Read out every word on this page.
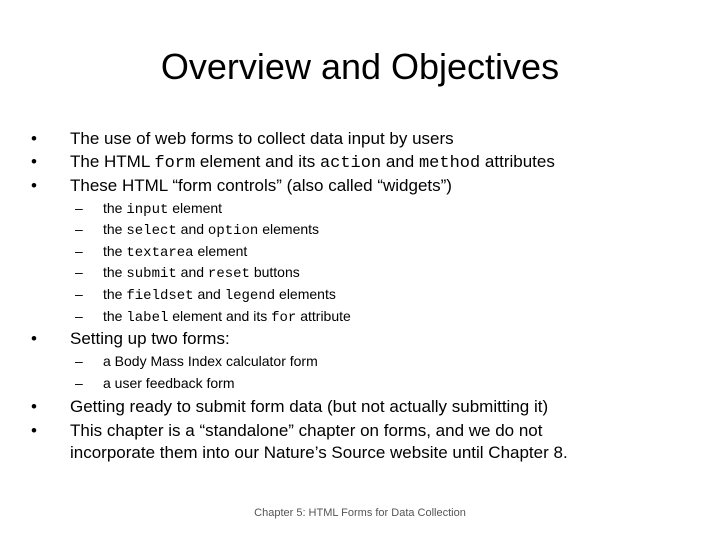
Overview and Objectives
• The use of web forms to collect data input by users
• The HTML form element and its action and method attributes
• These HTML “form controls” (also called “widgets”)
– the input element
– the select and option elements
– the textarea element
– the submit and reset buttons
– the fieldset and legend elements
– the label element and its for attribute
• Setting up two forms:
– a Body Mass Index calculator form
– a user feedback form
• Getting ready to submit form data (but not actually submitting it)
• This chapter is a “standalone” chapter on forms, and we do not
incorporate them into our Nature’s Source website until Chapter 8.
Chapter 5: HTML Forms for Data Collection
